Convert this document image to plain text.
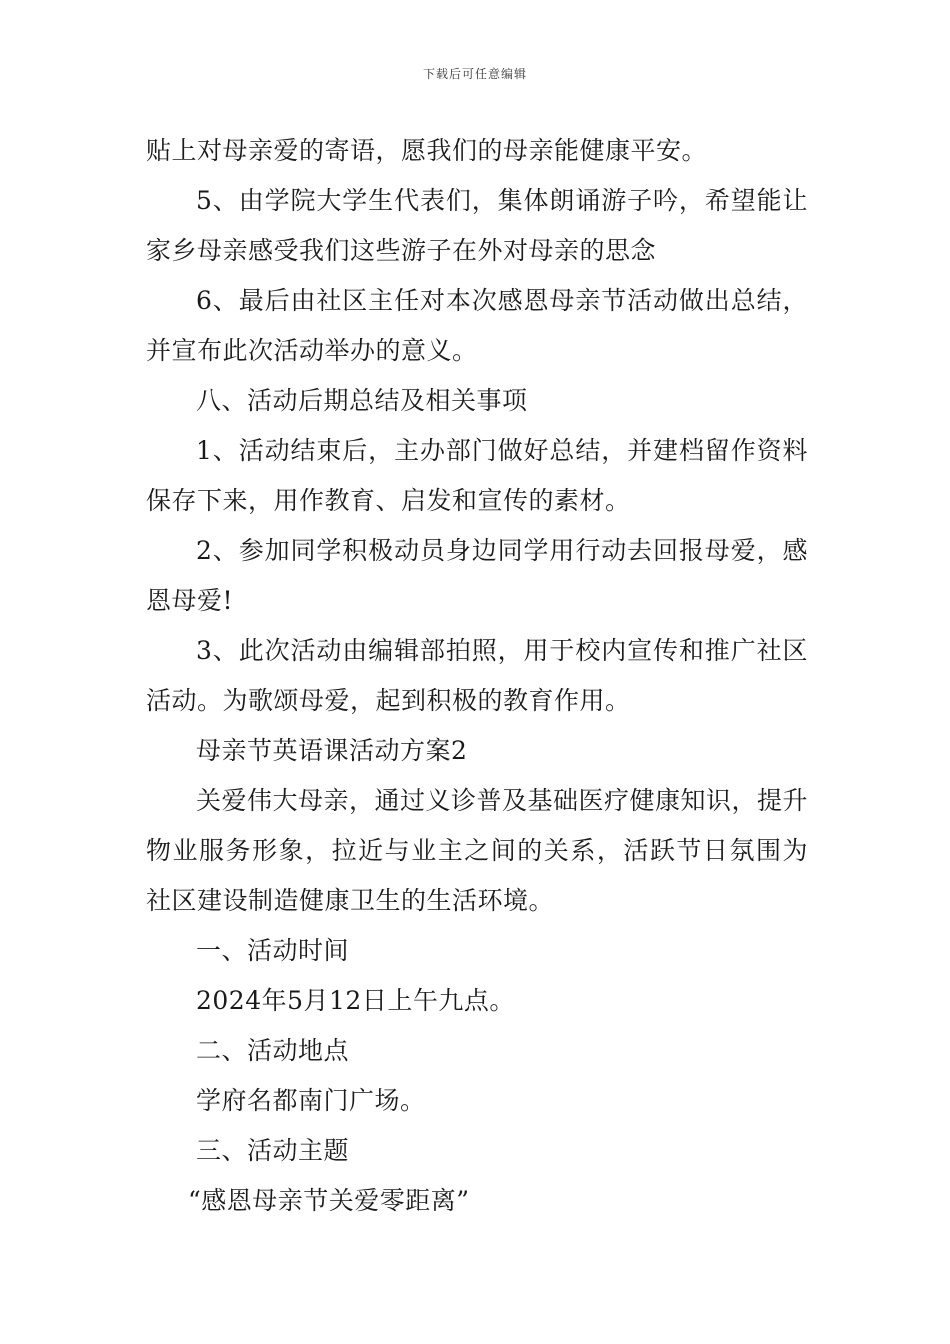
下载后可任意编辑

贴上对母亲爱的寄语，愿我们的母亲能健康平安。

5、由学院大学生代表们，集体朗诵游子吟，希望能让家乡母亲感受我们这些游子在外对母亲的思念

6、最后由社区主任对本次感恩母亲节活动做出总结，并宣布此次活动举办的意义。

八、活动后期总结及相关事项

1、活动结束后，主办部门做好总结，并建档留作资料保存下来，用作教育、启发和宣传的素材。

2、参加同学积极动员身边同学用行动去回报母爱，感恩母爱!

3、此次活动由编辑部拍照，用于校内宣传和推广社区活动。为歌颂母爱，起到积极的教育作用。

母亲节英语课活动方案2

关爱伟大母亲，通过义诊普及基础医疗健康知识，提升物业服务形象，拉近与业主之间的关系，活跃节日氛围为社区建设制造健康卫生的生活环境。

一、活动时间

2024年5月12日上午九点。

二、活动地点

学府名都南门广场。

三、活动主题

“感恩母亲节关爱零距离”
